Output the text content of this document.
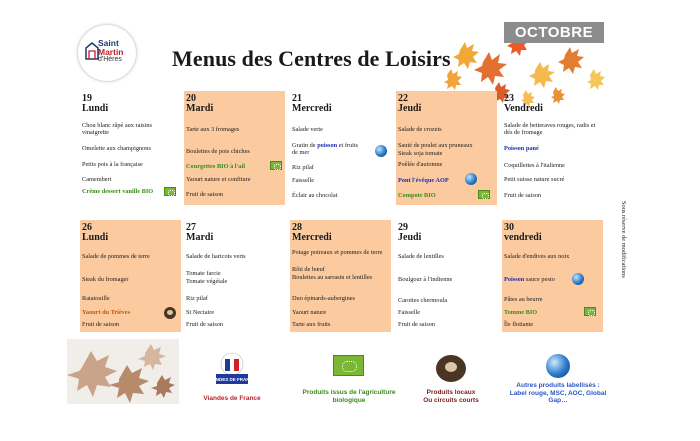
Saint
Martin
d'Hères
OCTOBRE
Menus des Centres de Loisirs
19
Lundi
Chou blanc râpé aux raisins vinaigrette
Omelette aux champignons
Petits pois à la française
Camembert
Crème dessert vanille BIO
20
Mardi
Tarte aux 3 fromages
Boulettes de pois chiches
Courgettes BIO à l'ail
Yaourt nature et confiture
Fruit de saison
21
Mercredi
Salade verte
Gratin de poisson et fruits de mer
Riz pilaf
Faisselle
Éclair au chocolat
22
Jeudi
Salade de crozets
Sauté de poulet aux pruneaux
Steak soja tomate
Poêlée d'automne
Pont l'évêque AOP
Compote BIO
23
Vendredi
Salade de betteraves rouges, radis et dés de fromage
Poisson pané
Coquillettes à l'italienne
Petit suisse nature sucré
Fruit de saison
26
Lundi
Salade de pommes de terre
Steak du fromager
Ratatouille
Yaourt du Trièves
Fruit de saison
27
Mardi
Salade de haricots verts
Tomate farcie
Tomate végétale
Riz pilaf
St Nectaire
Fruit de saison
28
Mercredi
Potage poireaux et pommes de terre
Rôti de bœuf
Boulettes au sarrasin et lentilles
Duo épinards-aubergines
Yaourt nature
Tarte aux fruits
29
Jeudi
Salade de lentilles
Boulgour à l'indienne
Carottes chermoula
Faisselle
Fruit de saison
30
vendredi
Salade d'endives aux noix
Poisson sauce pesto
Pâtes au beurre
Tomme BIO
Île flottante
Sous réserve de modifications
VIANDES DE FRANCE
Viandes de France
Produits issus de l'agriculture
biologique
Produits locaux
Ou circuits courts
Autres produits labellisés :
Label rouge, MSC, AOC, Global
Gap…
